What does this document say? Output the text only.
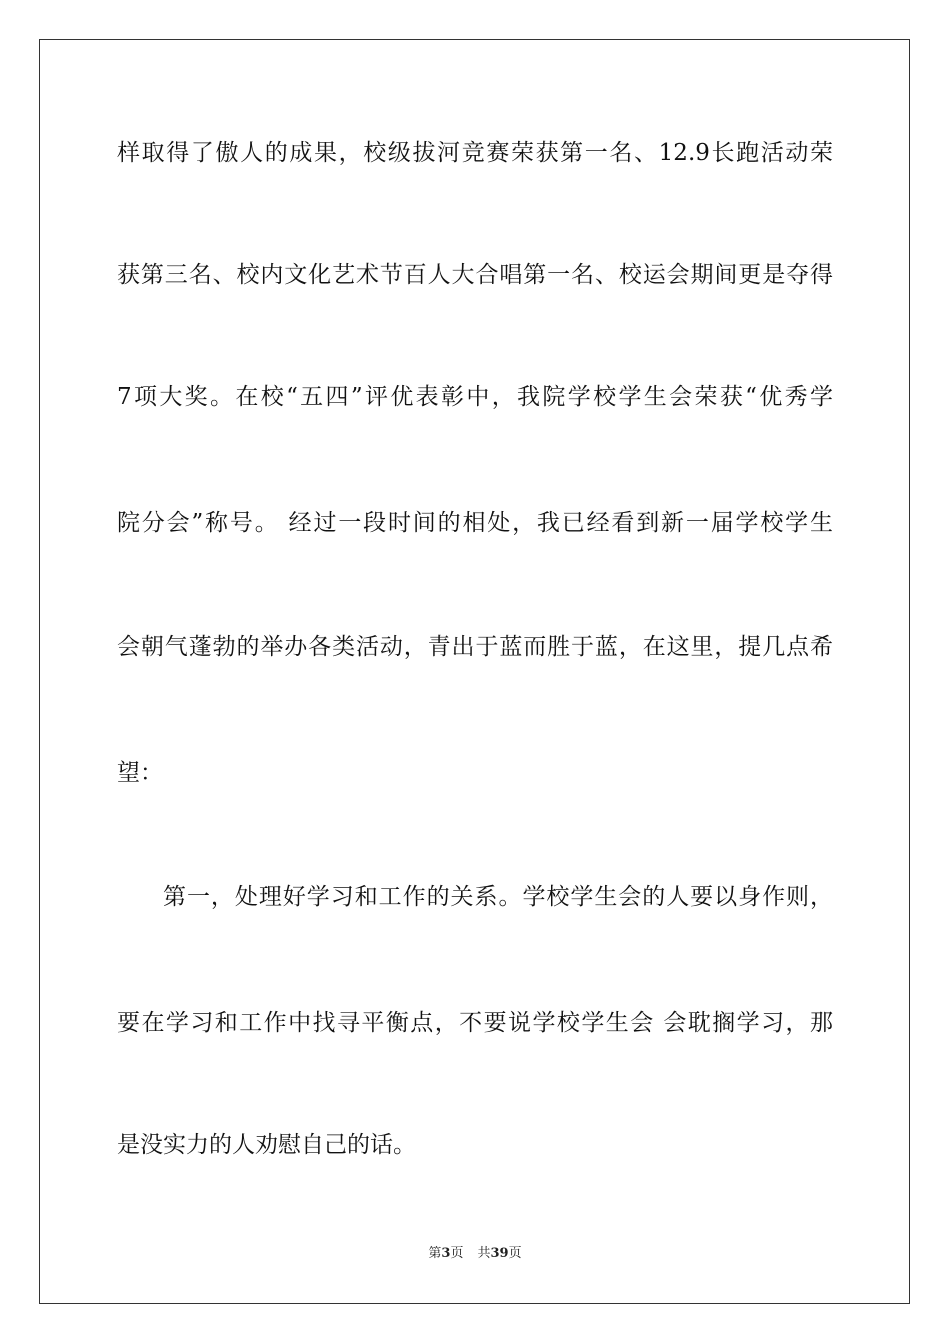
样取得了傲人的成果，校级拔河竞赛荣获第一名、12.9长跑活动荣
获第三名、校内文化艺术节百人大合唱第一名、校运会期间更是夺得
7项大奖。在校“五四”评优表彰中，我院学校学生会荣获“优秀学
院分会”称号。 经过一段时间的相处，我已经看到新一届学校学生
会朝气蓬勃的举办各类活动，青出于蓝而胜于蓝，在这里，提几点希
望：
第一，处理好学习和工作的关系。学校学生会的人要以身作则，
要在学习和工作中找寻平衡点，不要说学校学生会 会耽搁学习，那
是没实力的人劝慰自己的话。
第3页 共39页
